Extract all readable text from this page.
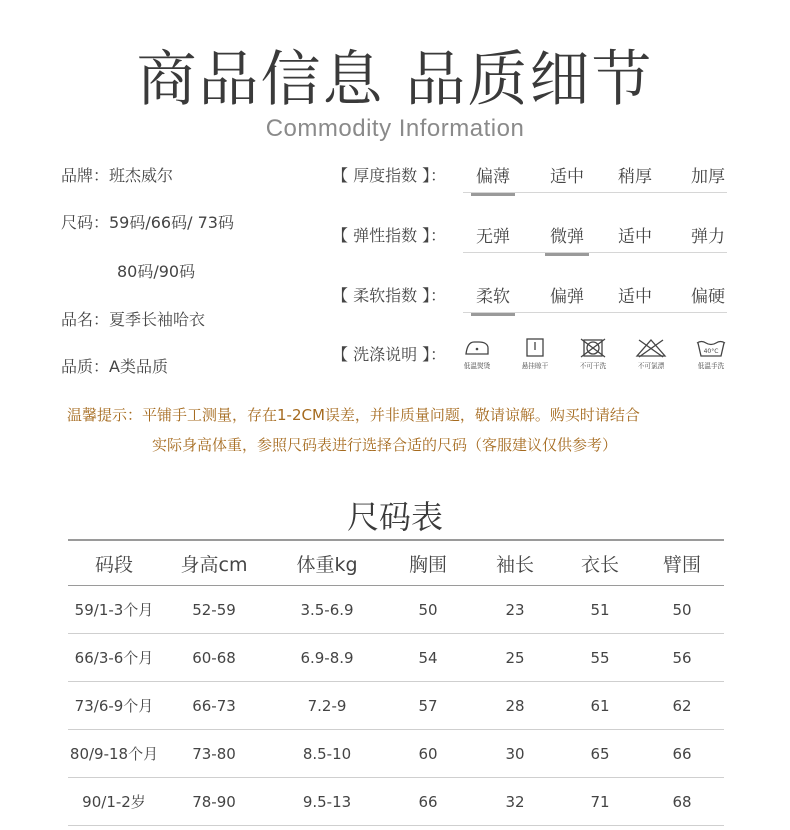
商品信息 品质细节
Commodity Information
品牌：班杰威尔
尺码：59码/66码/ 73码
80码/90码
品名：夏季长袖哈衣
品质：A类品质
【 厚度指数 】：	偏薄	适中	稍厚	加厚
【 弹性指数 】：	无弹	微弹	适中	弹力
【 柔软指数 】：	柔软	偏弹	适中	偏硬
【 洗涤说明 】：
低温熨烫	悬挂晾干	不可干洗	不可氯漂
40°C
低温手洗
温馨提示：平铺手工测量，存在1-2CM误差，并非质量问题，敬请谅解。购买时请结合
实际身高体重，参照尺码表进行选择合适的尺码（客服建议仅供参考）
尺码表
码段	身高cm	体重kg	胸围	袖长	衣长	臂围
59/1-3个月	52-59	3.5-6.9	50	23	51	50
66/3-6个月	60-68	6.9-8.9	54	25	55	56
73/6-9个月	66-73	7.2-9	57	28	61	62
80/9-18个月	73-80	8.5-10	60	30	65	66
90/1-2岁	78-90	9.5-13	66	32	71	68
